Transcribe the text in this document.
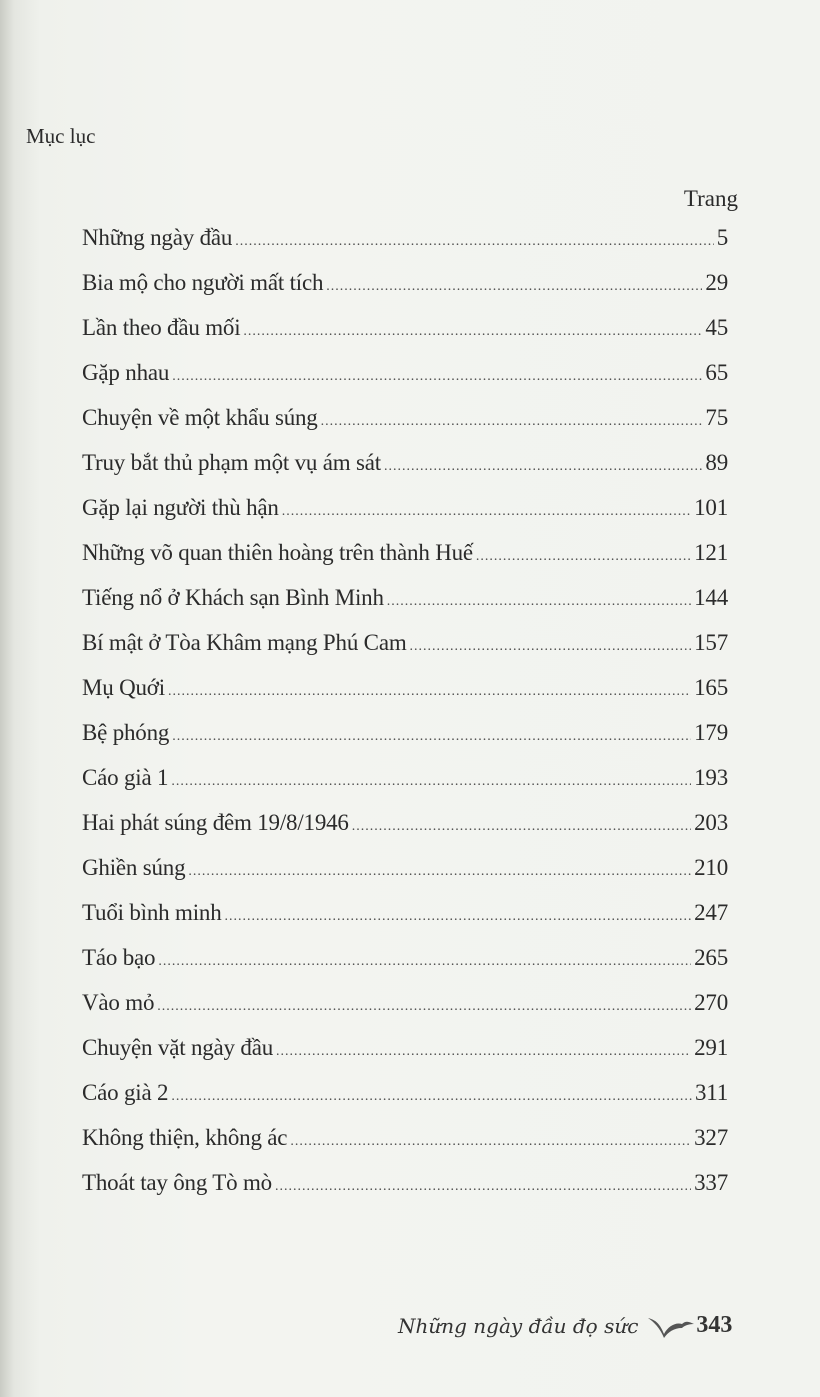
Mục lục
Trang
Những ngày đầu .....	5
Bia mộ cho người mất tích .....	29
Lần theo đầu mối .....	45
Gặp nhau .....	65
Chuyện về một khẩu súng .....	75
Truy bắt thủ phạm một vụ ám sát .....	89
Gặp lại người thù hận .....	101
Những võ quan thiên hoàng trên thành Huế .....	121
Tiếng nổ ở Khách sạn Bình Minh .....	144
Bí mật ở Tòa Khâm mạng Phú Cam .....	157
Mụ Quới .....	165
Bệ phóng .....	179
Cáo già 1 .....	193
Hai phát súng đêm 19/8/1946 .....	203
Ghiền súng .....	210
Tuổi bình minh .....	247
Táo bạo .....	265
Vào mỏ .....	270
Chuyện vặt ngày đầu .....	291
Cáo già 2 .....	311
Không thiện, không ác .....	327
Thoát tay ông Tò mò .....	337
Những ngày đầu đọ sức 343
